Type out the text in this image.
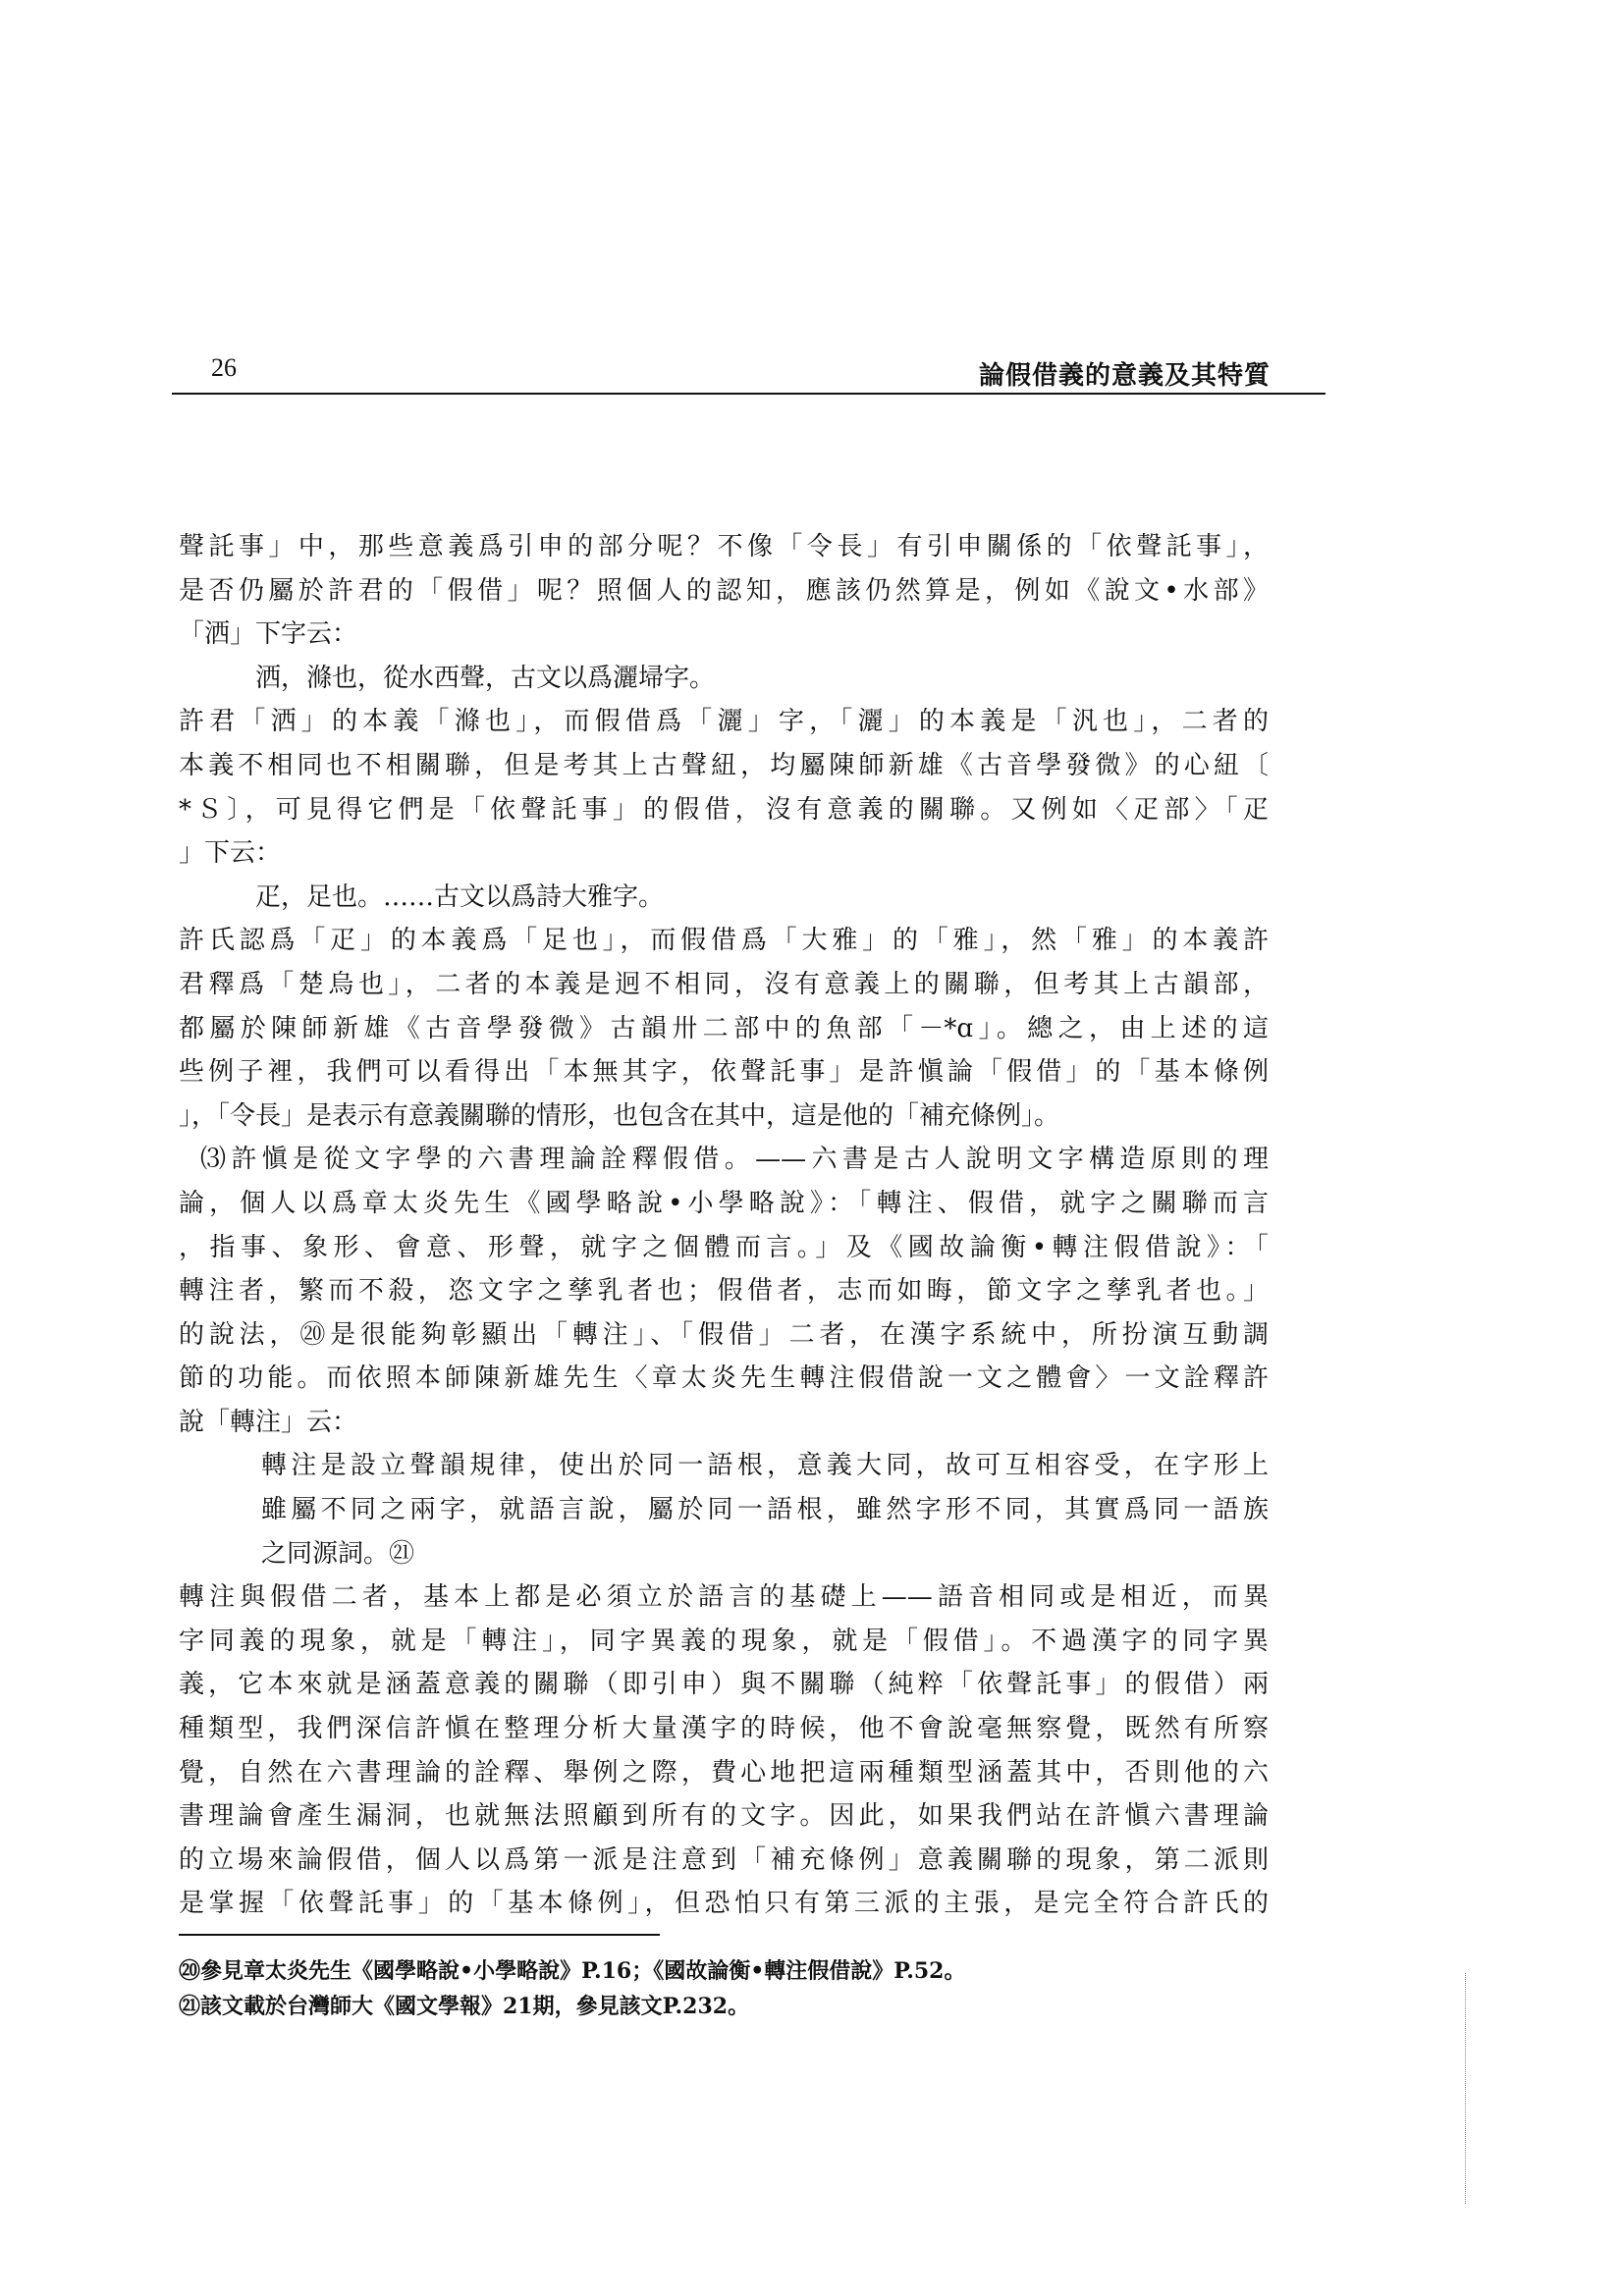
26	論假借義的意義及其特質
聲託事」中，那些意義爲引申的部分呢？不像「令長」有引申關係的「依聲託事」，
是否仍屬於許君的「假借」呢？照個人的認知，應該仍然算是，例如《說文•水部》
「洒」下字云：
洒，滌也，從水西聲，古文以爲灑埽字。
許君「洒」的本義「滌也」，而假借爲「灑」字，「灑」的本義是「汎也」，二者的
本義不相同也不相關聯，但是考其上古聲紐，均屬陳師新雄《古音學發微》的心紐〔
*Ｓ〕，可見得它們是「依聲託事」的假借，沒有意義的關聯。又例如〈疋部〉「疋
」下云：
疋，足也。……古文以爲詩大雅字。
許氏認爲「疋」的本義爲「足也」，而假借爲「大雅」的「雅」，然「雅」的本義許
君釋爲「楚烏也」，二者的本義是迥不相同，沒有意義上的關聯，但考其上古韻部，
都屬於陳師新雄《古音學發微》古韻卅二部中的魚部「－*ɑ」。總之，由上述的這
些例子裡，我們可以看得出「本無其字，依聲託事」是許愼論「假借」的「基本條例
」，「令長」是表示有意義關聯的情形，也包含在其中，這是他的「補充條例」。
⑶許愼是從文字學的六書理論詮釋假借。——六書是古人說明文字構造原則的理
論，個人以爲章太炎先生《國學略說•小學略說》：「轉注、假借，就字之關聯而言
，指事、象形、會意、形聲，就字之個體而言。」及《國故論衡•轉注假借說》：「
轉注者，繁而不殺，恣文字之孳乳者也；假借者，志而如晦，節文字之孳乳者也。」
的說法，⑳是很能夠彰顯出「轉注」、「假借」二者，在漢字系統中，所扮演互動調
節的功能。而依照本師陳新雄先生〈章太炎先生轉注假借說一文之體會〉一文詮釋許
說「轉注」云：
轉注是設立聲韻規律，使出於同一語根，意義大同，故可互相容受，在字形上
雖屬不同之兩字，就語言說，屬於同一語根，雖然字形不同，其實爲同一語族
之同源詞。㉑
轉注與假借二者，基本上都是必須立於語言的基礎上——語音相同或是相近，而異
字同義的現象，就是「轉注」，同字異義的現象，就是「假借」。不過漢字的同字異
義，它本來就是涵蓋意義的關聯（即引申）與不關聯（純粹「依聲託事」的假借）兩
種類型，我們深信許愼在整理分析大量漢字的時候，他不會說毫無察覺，既然有所察
覺，自然在六書理論的詮釋、舉例之際，費心地把這兩種類型涵蓋其中，否則他的六
書理論會產生漏洞，也就無法照顧到所有的文字。因此，如果我們站在許愼六書理論
的立場來論假借，個人以爲第一派是注意到「補充條例」意義關聯的現象，第二派則
是掌握「依聲託事」的「基本條例」，但恐怕只有第三派的主張，是完全符合許氏的
⑳參見章太炎先生《國學略說•小學略說》P.16；《國故論衡•轉注假借說》P.52。
㉑該文載於台灣師大《國文學報》21期，參見該文P.232。
